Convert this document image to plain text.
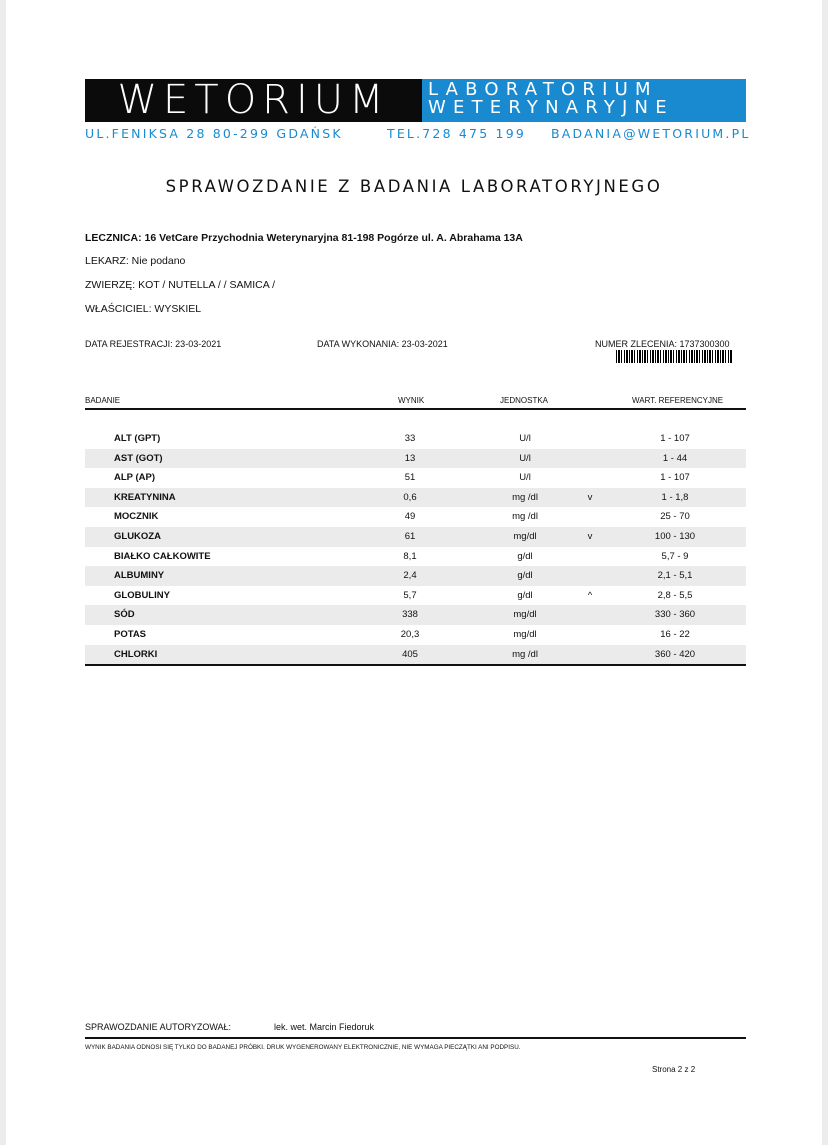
WETORIUM	LABORATORIUM
WETERYNARYJNE
UL.FENIKSA 28 80-299 GDAŃSK	TEL.728 475 199 BADANIA@WETORIUM.PL
SPRAWOZDANIE Z BADANIA LABORATORYJNEGO
LECZNICA: 16 VetCare Przychodnia Weterynaryjna 81-198 Pogórze ul. A. Abrahama 13A
LEKARZ: Nie podano
ZWIERZĘ: KOT / NUTELLA / / SAMICA /
WŁAŚCICIEL: WYSKIEL
DATA REJESTRACJI: 23-03-2021	DATA WYKONANIA: 23-03-2021	NUMER ZLECENIA: 1737300300
BADANIE	WYNIK	JEDNOSTKA	WART. REFERENCYJNE
ALT (GPT)	33	U/l	1 - 107
AST (GOT)	13	U/l	1 - 44
ALP (AP)	51	U/l	1 - 107
KREATYNINA	0,6	mg /dl	v	1 - 1,8
MOCZNIK	49	mg /dl	25 - 70
GLUKOZA	61	mg/dl	v	100 - 130
BIAŁKO CAŁKOWITE	8,1	g/dl	5,7 - 9
ALBUMINY	2,4	g/dl	2,1 - 5,1
GLOBULINY	5,7	g/dl	^	2,8 - 5,5
SÓD	338	mg/dl	330 - 360
POTAS	20,3	mg/dl	16 - 22
CHLORKI	405	mg /dl	360 - 420
SPRAWOZDANIE AUTORYZOWAŁ:	lek. wet. Marcin Fiedoruk
WYNIK BADANIA ODNOSI SIĘ TYLKO DO BADANEJ PRÓBKI. DRUK WYGENEROWANY ELEKTRONICZNIE, NIE WYMAGA PIECZĄTKI ANI PODPISU.
Strona 2 z 2
